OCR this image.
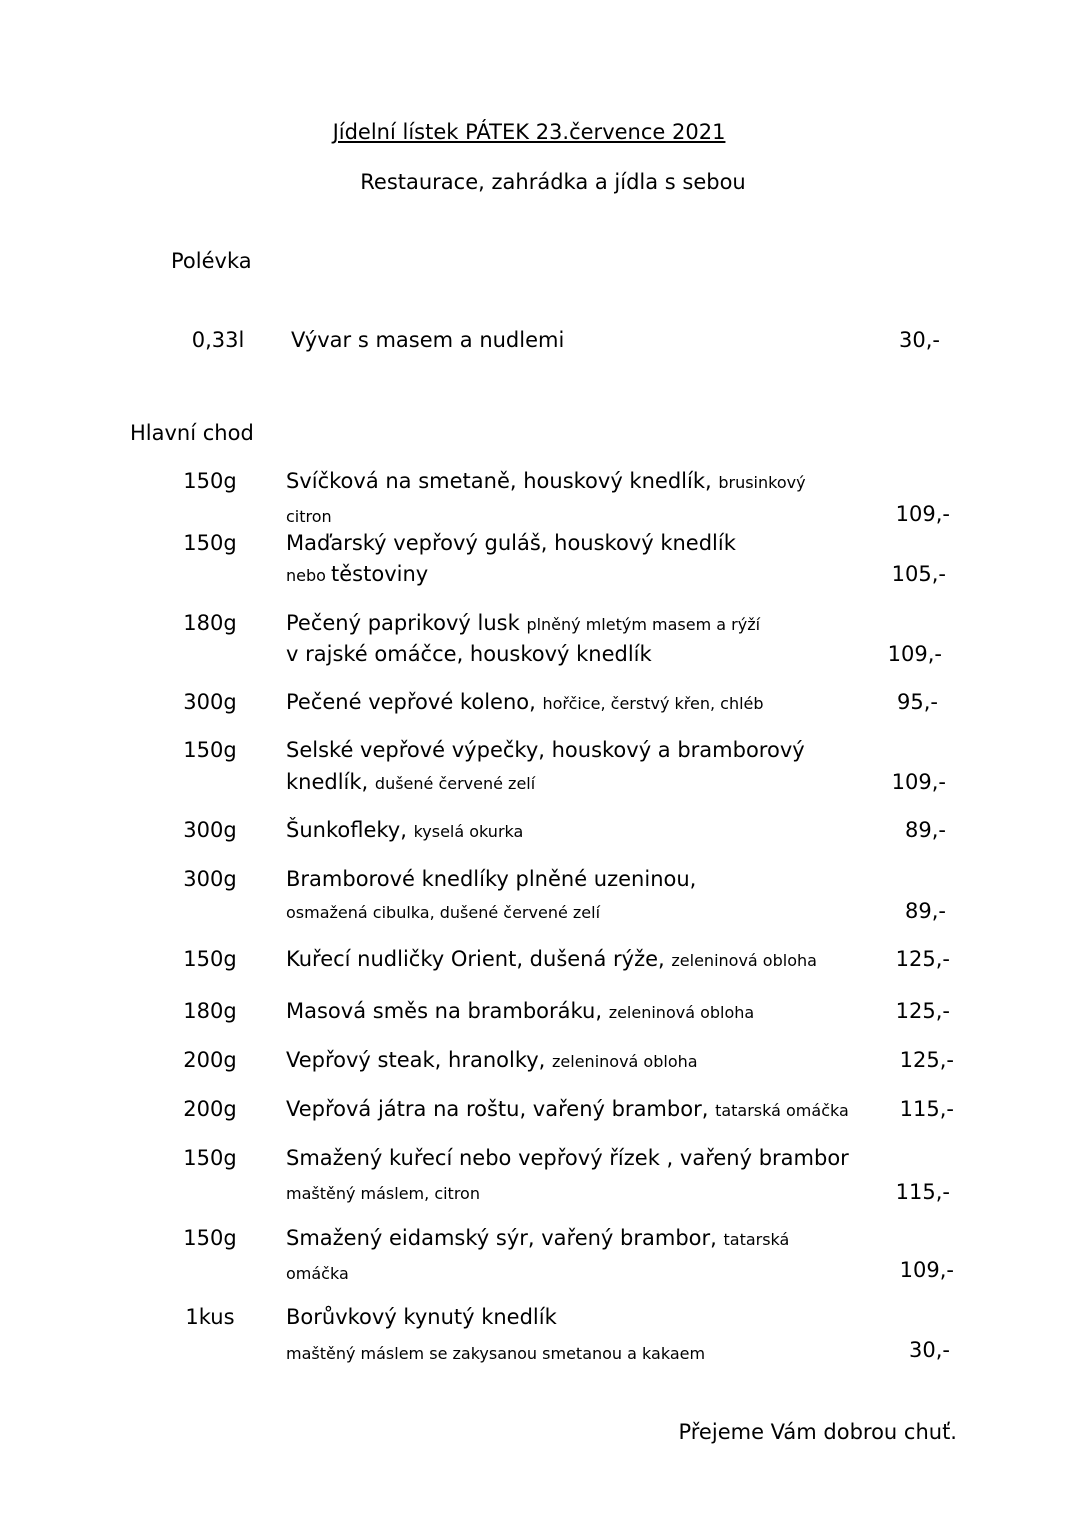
Jídelní lístek PÁTEK 23.července 2021
Restaurace, zahrádka a jídla s sebou
Polévka
0,33l Vývar s masem a nudlemi	30,-
Hlavní chod
150g Svíčková na smetaně, houskový knedlík, brusinkový
citron	109,-
150g Maďarský vepřový guláš, houskový knedlík
nebo těstoviny	105,-
180g Pečený paprikový lusk plněný mletým masem a rýží
v rajské omáčce, houskový knedlík	109,-
300g Pečené vepřové koleno, hořčice, čerstvý křen, chléb	95,-
150g Selské vepřové výpečky, houskový a bramborový
knedlík, dušené červené zelí	109,-
300g Šunkofleky, kyselá okurka	89,-
300g Bramborové knedlíky plněné uzeninou,
osmažená cibulka, dušené červené zelí	89,-
150g Kuřecí nudličky Orient, dušená rýže, zeleninová obloha	125,-
180g Masová směs na bramboráku, zeleninová obloha	125,-
200g Vepřový steak, hranolky, zeleninová obloha	125,-
200g Vepřová játra na roštu, vařený brambor, tatarská omáčka	115,-
150g Smažený kuřecí nebo vepřový řízek , vařený brambor
maštěný máslem, citron	115,-
150g Smažený eidamský sýr, vařený brambor, tatarská
omáčka	109,-
1kus Borůvkový kynutý knedlík
maštěný máslem se zakysanou smetanou a kakaem	30,-
Přejeme Vám dobrou chuť.
